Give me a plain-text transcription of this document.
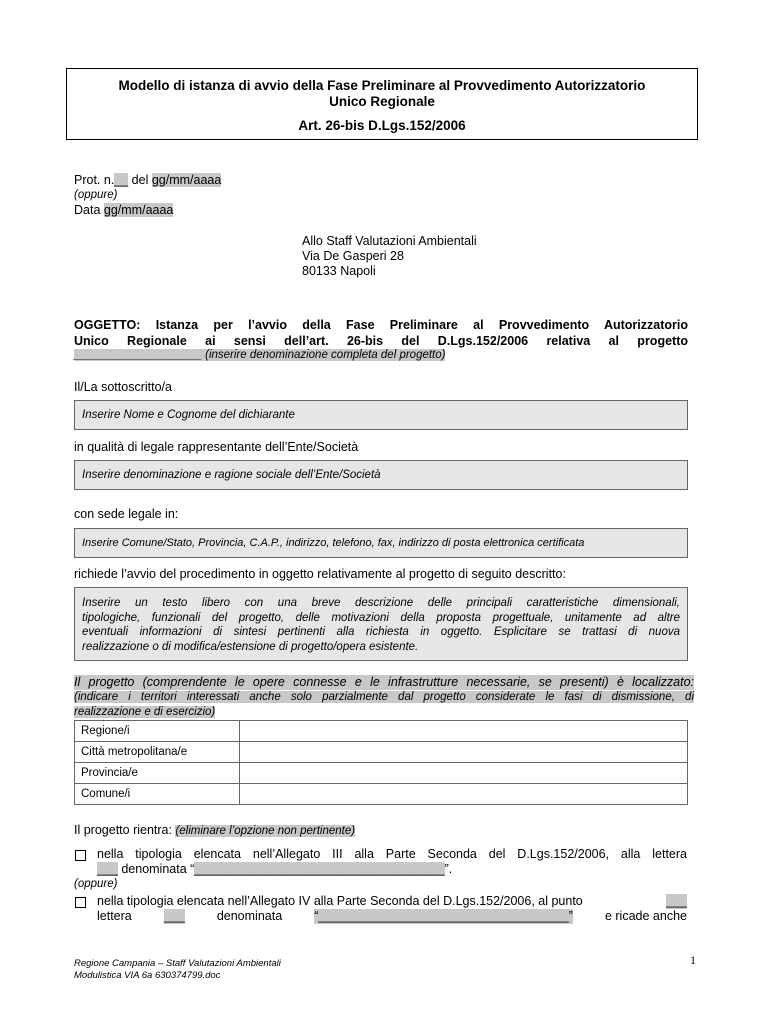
Modello di istanza di avvio della Fase Preliminare al Provvedimento Autorizzatorio
Unico Regionale
Art. 26-bis D.Lgs.152/2006
Prot. n.__ del gg/mm/aaaa
(oppure)
Data gg/mm/aaaa
Allo Staff Valutazioni Ambientali
Via De Gasperi 28
80133 Napoli
OGGETTO: Istanza per l’avvio della Fase Preliminare al Provvedimento Autorizzatorio
Unico Regionale ai sensi dell’art. 26-bis del D.Lgs.152/2006 relativa al progetto
____________________ (inserire denominazione completa del progetto)
Il/La sottoscritto/a
Inserire Nome e Cognome del dichiarante
in qualità di legale rappresentante dell’Ente/Società
Inserire denominazione e ragione sociale dell’Ente/Società
con sede legale in:
Inserire Comune/Stato, Provincia, C.A.P., indirizzo, telefono, fax, indirizzo di posta elettronica certificata
richiede l’avvio del procedimento in oggetto relativamente al progetto di seguito descritto:
Inserire un testo libero con una breve descrizione delle principali caratteristiche dimensionali,
tipologiche, funzionali del progetto, delle motivazioni della proposta progettuale, unitamente ad altre
eventuali informazioni di sintesi pertinenti alla richiesta in oggetto. Esplicitare se trattasi di nuova
realizzazione o di modifica/estensione di progetto/opera esistente.
Il progetto (comprendente le opere connesse e le infrastrutture necessarie, se presenti) è localizzato:
(indicare i territori interessati anche solo parzialmente dal progetto considerate le fasi di dismissione, di
realizzazione e di esercizio)
Regione/i	
Città metropolitana/e	
Provincia/e	
Comune/i	
Il progetto rientra: (eliminare l’opzione non pertinente)
nella tipologia elencata nell’Allegato III alla Parte Seconda del D.Lgs.152/2006, alla lettera
___ denominata “____________________________________”.
(oppure)
nella tipologia elencata nell’Allegato IV alla Parte Seconda del D.Lgs.152/2006, al punto	___
lettera	___	denominata	“____________________________________”	e ricade anche
Regione Campania – Staff Valutazioni Ambientali
Modulistica VIA 6a 630374799.doc
1
